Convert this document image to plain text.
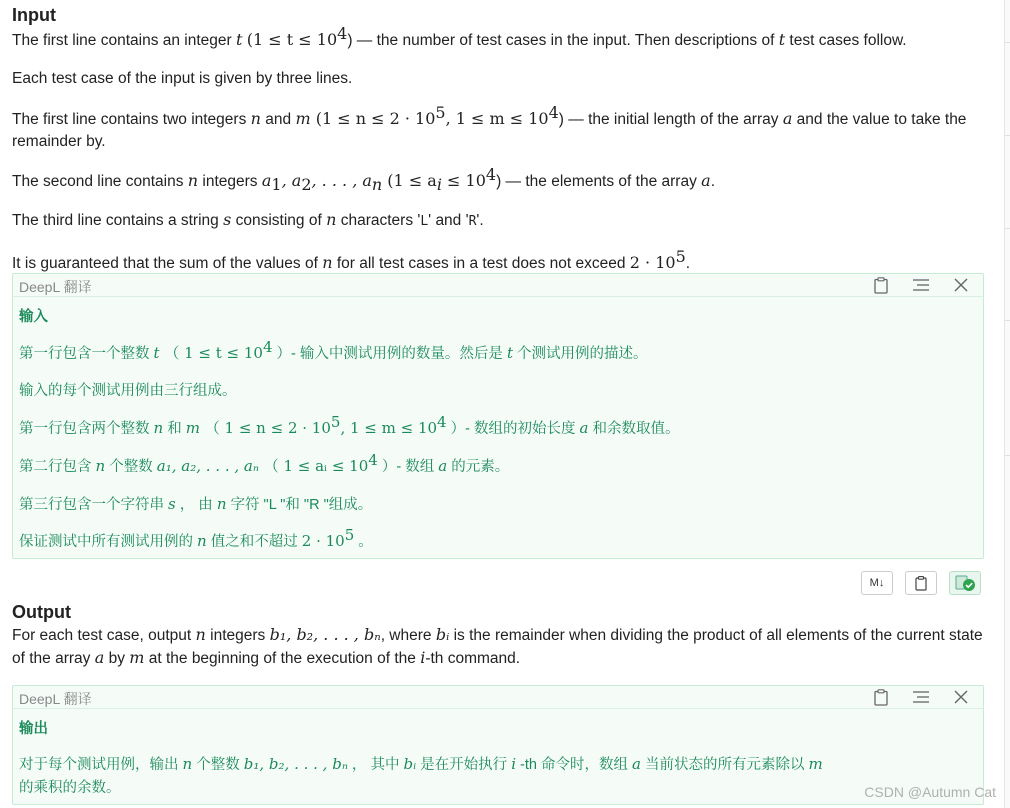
Input

The first line contains an integer t $(1 \le t \le 10^4)$ — the number of test cases in the input. Then descriptions of t test cases follow.

Each test case of the input is given by three lines.

The first line contains two integers n and m ($1 \le n \le 2 \cdot 10^5$, $1 \le m \le 10^4$) — the initial length of the array a and the value to take the remainder by.

The second line contains n integers $a_1$, $a_2$, . . . , $a_n$ $(1 \le a_i \le 10^4)$ — the elements of the array a.

The third line contains a string s consisting of n characters 'L' and 'R'.

It is guaranteed that the sum of the values of n for all test cases in a test does not exceed $2 \cdot 10^5$.

DeepL 翻译
输入
第一行包含一个整数 t （ $1 \le t \le 10^4$ ）- 输入中测试用例的数量。然后是 t 个测试用例的描述。
输入的每个测试用例由三行组成。
第一行包含两个整数 n 和 m （ $1 \le n \le 2 \cdot 10^5$, $1 \le m \le 10^4$ ）- 数组的初始长度 a 和余数取值。
第二行包含 n 个整数 a₁, a₂, . . . , aₙ （ 1 ≤ aᵢ ≤ $10^4$ ）- 数组 a 的元素。
第三行包含一个字符串 s ， 由 n 字符 "L "和 "R "组成。
保证测试中所有测试用例的 n 值之和不超过 $2 \cdot 10^5$ 。
M↓
Output

For each test case, output n integers b₁, b₂, . . . , bₙ, where bᵢ is the remainder when dividing the product of all elements of the current state of the array a by m at the beginning of the execution of the i-th command.

DeepL 翻译
输出
对于每个测试用例，输出 n 个整数 b₁, b₂, . . . , bₙ ， 其中 bᵢ 是在开始执行 i -th 命令时，数组 a 当前状态的所有元素除以 m
的乘积的余数。	CSDN @Autumn Cat
